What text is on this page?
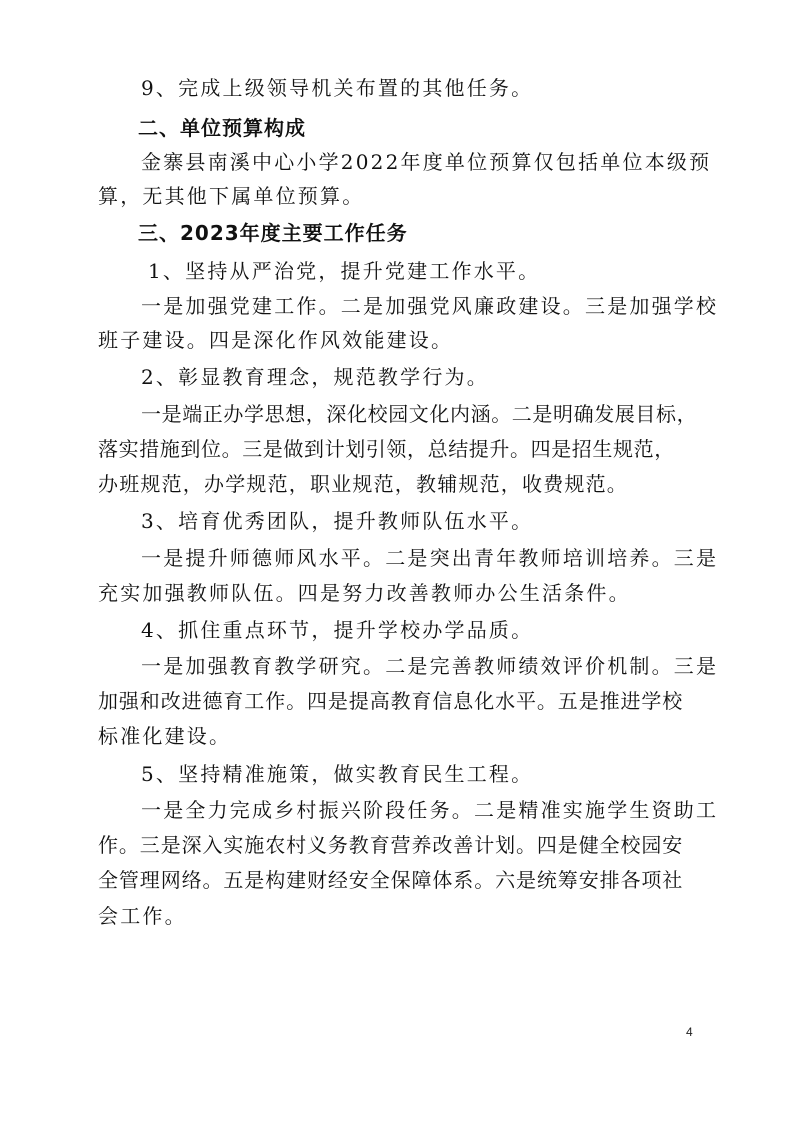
9、完成上级领导机关布置的其他任务。
二、单位预算构成
金寨县南溪中心小学2022年度单位预算仅包括单位本级预
算，无其他下属单位预算。
三、2023年度主要工作任务
1、坚持从严治党，提升党建工作水平。
一是加强党建工作。二是加强党风廉政建设。三是加强学校
班子建设。四是深化作风效能建设。
2、彰显教育理念，规范教学行为。
一是端正办学思想，深化校园文化内涵。二是明确发展目标，
落实措施到位。三是做到计划引领，总结提升。四是招生规范，
办班规范，办学规范，职业规范，教辅规范，收费规范。
3、培育优秀团队，提升教师队伍水平。
一是提升师德师风水平。二是突出青年教师培训培养。三是
充实加强教师队伍。四是努力改善教师办公生活条件。
4、抓住重点环节，提升学校办学品质。
一是加强教育教学研究。二是完善教师绩效评价机制。三是
加强和改进德育工作。四是提高教育信息化水平。五是推进学校
标准化建设。
5、坚持精准施策，做实教育民生工程。
一是全力完成乡村振兴阶段任务。二是精准实施学生资助工
作。三是深入实施农村义务教育营养改善计划。四是健全校园安
全管理网络。五是构建财经安全保障体系。六是统筹安排各项社
会工作。
4
